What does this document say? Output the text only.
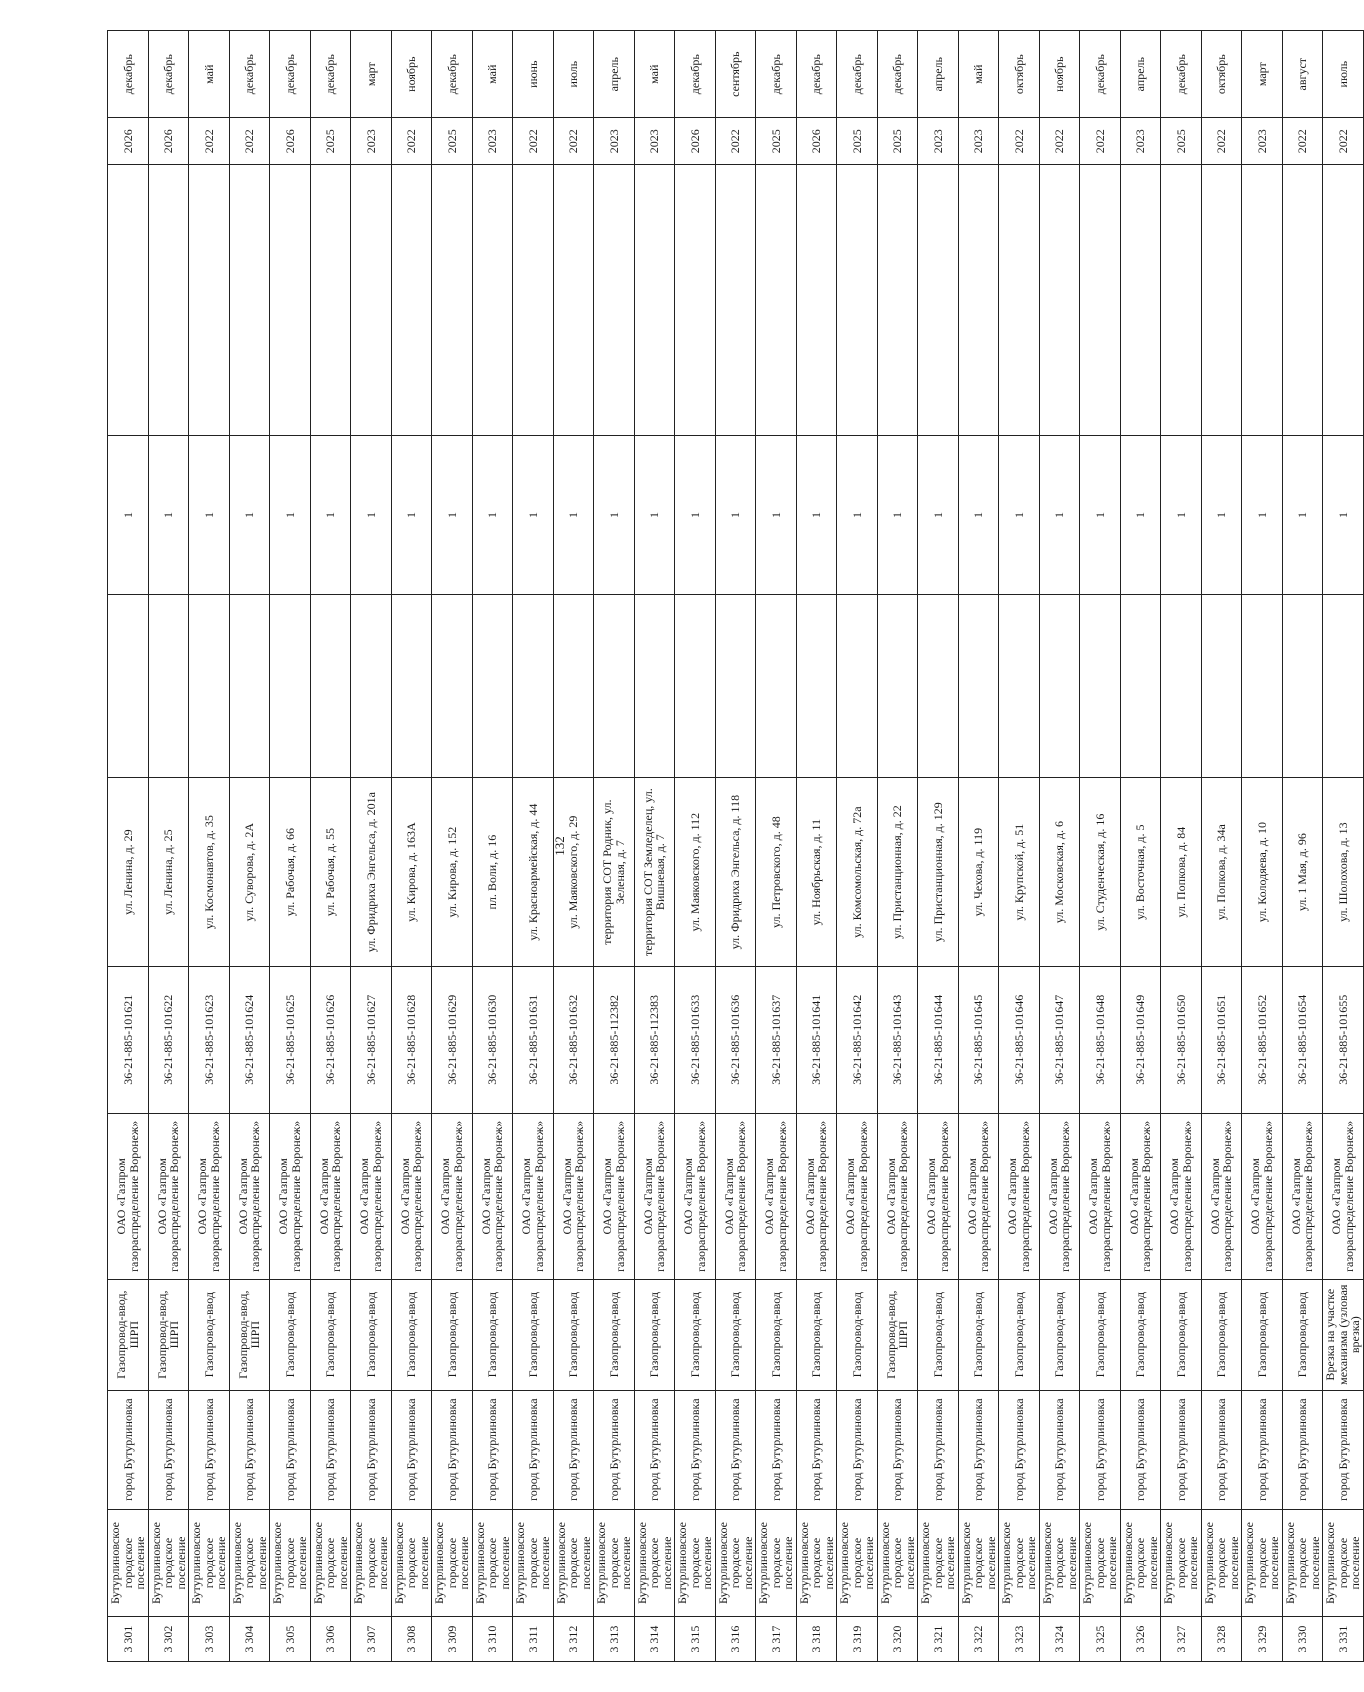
132
3 301	Бутурлиновское городское поселение	город Бутурлиновка	Газопровод-ввод, ШРП	ОАО «Газпром газораспределение Воронеж»	36-21-885-101621	ул. Ленина, д. 29		1		2026	декабрь
3 302	Бутурлиновское городское поселение	город Бутурлиновка	Газопровод-ввод, ШРП	ОАО «Газпром газораспределение Воронеж»	36-21-885-101622	ул. Ленина, д. 25		1		2026	декабрь
3 303	Бутурлиновское городское поселение	город Бутурлиновка	Газопровод-ввод	ОАО «Газпром газораспределение Воронеж»	36-21-885-101623	ул. Космонавтов, д. 35		1		2022	май
3 304	Бутурлиновское городское поселение	город Бутурлиновка	Газопровод-ввод, ШРП	ОАО «Газпром газораспределение Воронеж»	36-21-885-101624	ул. Суворова, д. 2А		1		2022	декабрь
3 305	Бутурлиновское городское поселение	город Бутурлиновка	Газопровод-ввод	ОАО «Газпром газораспределение Воронеж»	36-21-885-101625	ул. Рабочая, д. 66		1		2026	декабрь
3 306	Бутурлиновское городское поселение	город Бутурлиновка	Газопровод-ввод	ОАО «Газпром газораспределение Воронеж»	36-21-885-101626	ул. Рабочая, д. 55		1		2025	декабрь
3 307	Бутурлиновское городское поселение	город Бутурлиновка	Газопровод-ввод	ОАО «Газпром газораспределение Воронеж»	36-21-885-101627	ул. Фридриха Энгельса, д. 201а		1		2023	март
3 308	Бутурлиновское городское поселение	город Бутурлиновка	Газопровод-ввод	ОАО «Газпром газораспределение Воронеж»	36-21-885-101628	ул. Кирова, д. 163А		1		2022	ноябрь
3 309	Бутурлиновское городское поселение	город Бутурлиновка	Газопровод-ввод	ОАО «Газпром газораспределение Воронеж»	36-21-885-101629	ул. Кирова, д. 152		1		2025	декабрь
3 310	Бутурлиновское городское поселение	город Бутурлиновка	Газопровод-ввод	ОАО «Газпром газораспределение Воронеж»	36-21-885-101630	пл. Воли, д. 16		1		2023	май
3 311	Бутурлиновское городское поселение	город Бутурлиновка	Газопровод-ввод	ОАО «Газпром газораспределение Воронеж»	36-21-885-101631	ул. Красноармейская, д. 44		1		2022	июнь
3 312	Бутурлиновское городское поселение	город Бутурлиновка	Газопровод-ввод	ОАО «Газпром газораспределение Воронеж»	36-21-885-101632	ул. Маяковского, д. 29		1		2022	июль
3 313	Бутурлиновское городское поселение	город Бутурлиновка	Газопровод-ввод	ОАО «Газпром газораспределение Воронеж»	36-21-885-112382	территория СОТ Родник, ул. Зеленая, д. 7		1		2023	апрель
3 314	Бутурлиновское городское поселение	город Бутурлиновка	Газопровод-ввод	ОАО «Газпром газораспределение Воронеж»	36-21-885-112383	территория СОТ Земледелец, ул. Вишневая, д. 7		1		2023	май
3 315	Бутурлиновское городское поселение	город Бутурлиновка	Газопровод-ввод	ОАО «Газпром газораспределение Воронеж»	36-21-885-101633	ул. Маяковского, д. 112		1		2026	декабрь
3 316	Бутурлиновское городское поселение	город Бутурлиновка	Газопровод-ввод	ОАО «Газпром газораспределение Воронеж»	36-21-885-101636	ул. Фридриха Энгельса, д. 118		1		2022	сентябрь
3 317	Бутурлиновское городское поселение	город Бутурлиновка	Газопровод-ввод	ОАО «Газпром газораспределение Воронеж»	36-21-885-101637	ул. Петровского, д. 48		1		2025	декабрь
3 318	Бутурлиновское городское поселение	город Бутурлиновка	Газопровод-ввод	ОАО «Газпром газораспределение Воронеж»	36-21-885-101641	ул. Ноябрьская, д. 11		1		2026	декабрь
3 319	Бутурлиновское городское поселение	город Бутурлиновка	Газопровод-ввод	ОАО «Газпром газораспределение Воронеж»	36-21-885-101642	ул. Комсомольская, д. 72а		1		2025	декабрь
3 320	Бутурлиновское городское поселение	город Бутурлиновка	Газопровод-ввод, ШРП	ОАО «Газпром газораспределение Воронеж»	36-21-885-101643	ул. Пристанционная, д. 22		1		2025	декабрь
3 321	Бутурлиновское городское поселение	город Бутурлиновка	Газопровод-ввод	ОАО «Газпром газораспределение Воронеж»	36-21-885-101644	ул. Пристанционная, д. 129		1		2023	апрель
3 322	Бутурлиновское городское поселение	город Бутурлиновка	Газопровод-ввод	ОАО «Газпром газораспределение Воронеж»	36-21-885-101645	ул. Чехова, д. 119		1		2023	май
3 323	Бутурлиновское городское поселение	город Бутурлиновка	Газопровод-ввод	ОАО «Газпром газораспределение Воронеж»	36-21-885-101646	ул. Крупской, д. 51		1		2022	октябрь
3 324	Бутурлиновское городское поселение	город Бутурлиновка	Газопровод-ввод	ОАО «Газпром газораспределение Воронеж»	36-21-885-101647	ул. Московская, д. 6		1		2022	ноябрь
3 325	Бутурлиновское городское поселение	город Бутурлиновка	Газопровод-ввод	ОАО «Газпром газораспределение Воронеж»	36-21-885-101648	ул. Студенческая, д. 16		1		2022	декабрь
3 326	Бутурлиновское городское поселение	город Бутурлиновка	Газопровод-ввод	ОАО «Газпром газораспределение Воронеж»	36-21-885-101649	ул. Восточная, д. 5		1		2023	апрель
3 327	Бутурлиновское городское поселение	город Бутурлиновка	Газопровод-ввод	ОАО «Газпром газораспределение Воронеж»	36-21-885-101650	ул. Попкова, д. 84		1		2025	декабрь
3 328	Бутурлиновское городское поселение	город Бутурлиновка	Газопровод-ввод	ОАО «Газпром газораспределение Воронеж»	36-21-885-101651	ул. Попкова, д. 34а		1		2022	октябрь
3 329	Бутурлиновское городское поселение	город Бутурлиновка	Газопровод-ввод	ОАО «Газпром газораспределение Воронеж»	36-21-885-101652	ул. Колодяева, д. 10		1		2023	март
3 330	Бутурлиновское городское поселение	город Бутурлиновка	Газопровод-ввод	ОАО «Газпром газораспределение Воронеж»	36-21-885-101654	ул. 1 Мая, д. 96		1		2022	август
3 331	Бутурлиновское городское поселение	город Бутурлиновка	Врезка на участке механизма (узловая врезка)	ОАО «Газпром газораспределение Воронеж»	36-21-885-101655	ул. Шолохова, д. 13		1		2022	июль
